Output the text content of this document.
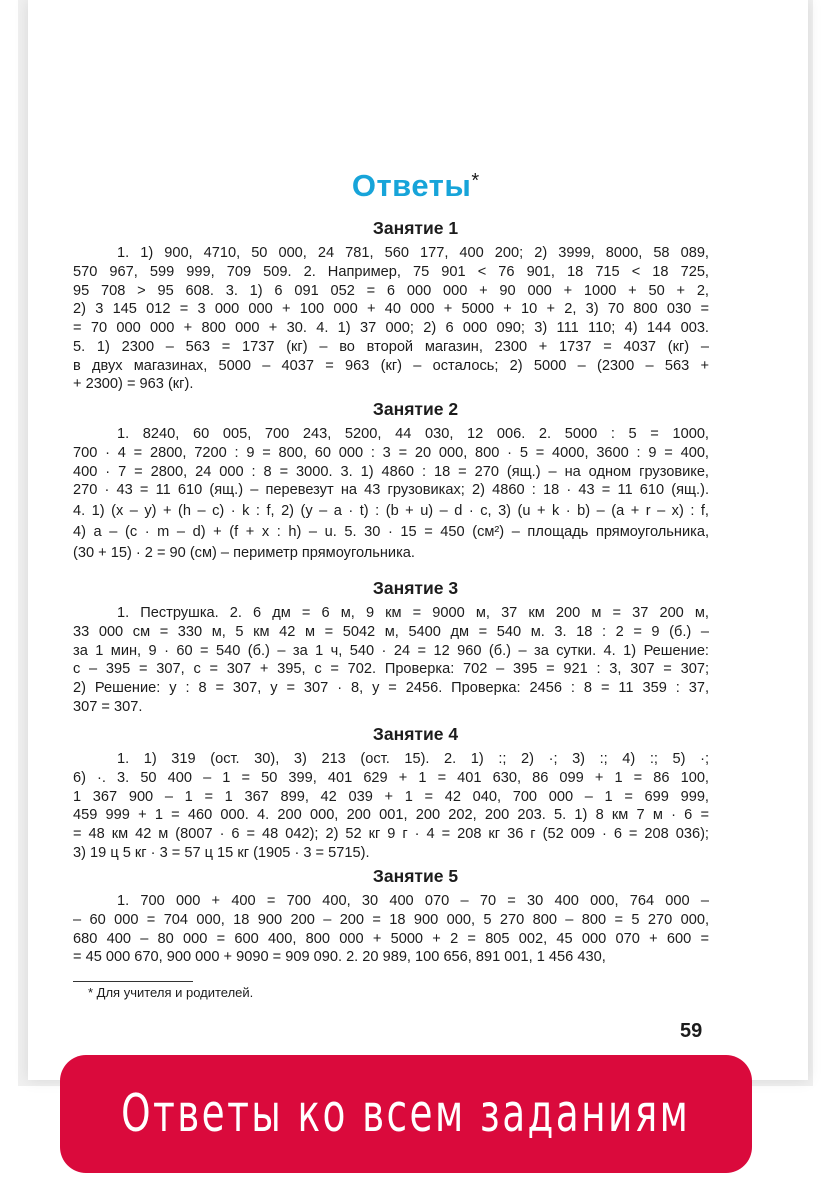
Ответы*
Занятие 1
1. 1) 900, 4710, 50 000, 24 781, 560 177, 400 200; 2) 3999, 8000, 58 089,
570 967, 599 999, 709 509. 2. Например, 75 901 < 76 901, 18 715 < 18 725,
95 708 > 95 608. 3. 1) 6 091 052 = 6 000 000 + 90 000 + 1000 + 50 + 2,
2) 3 145 012 = 3 000 000 + 100 000 + 40 000 + 5000 + 10 + 2, 3) 70 800 030 =
= 70 000 000 + 800 000 + 30. 4. 1) 37 000; 2) 6 000 090; 3) 111 110; 4) 144 003.
5. 1) 2300 – 563 = 1737 (кг) – во второй магазин, 2300 + 1737 = 4037 (кг) –
в двух магазинах, 5000 – 4037 = 963 (кг) – осталось; 2) 5000 – (2300 – 563 +
+ 2300) = 963 (кг).
Занятие 2
1. 8240, 60 005, 700 243, 5200, 44 030, 12 006. 2. 5000 : 5 = 1000,
700 · 4 = 2800, 7200 : 9 = 800, 60 000 : 3 = 20 000, 800 · 5 = 4000, 3600 : 9 = 400,
400 · 7 = 2800, 24 000 : 8 = 3000. 3. 1) 4860 : 18 = 270 (ящ.) – на одном грузовике,
270 · 43 = 11 610 (ящ.) – перевезут на 43 грузовиках; 2) 4860 : 18 · 43 = 11 610 (ящ.).
4. 1) (x – y) + (h – c) · k : f, 2) (y – a · t) : (b + u) – d · c, 3) (u + k · b) – (a + r – x) : f,
4) a – (c · m – d) + (f + x : h) – u. 5. 30 · 15 = 450 (см²) – площадь прямоугольника,
(30 + 15) · 2 = 90 (см) – периметр прямоугольника.
Занятие 3
1. Пеструшка. 2. 6 дм = 6 м, 9 км = 9000 м, 37 км 200 м = 37 200 м,
33 000 см = 330 м, 5 км 42 м = 5042 м, 5400 дм = 540 м. 3. 18 : 2 = 9 (б.) –
за 1 мин, 9 · 60 = 540 (б.) – за 1 ч, 540 · 24 = 12 960 (б.) – за сутки. 4. 1) Решение:
с – 395 = 307, с = 307 + 395, с = 702. Проверка: 702 – 395 = 921 : 3, 307 = 307;
2) Решение: у : 8 = 307, у = 307 · 8, у = 2456. Проверка: 2456 : 8 = 11 359 : 37,
307 = 307.
Занятие 4
1. 1) 319 (ост. 30), 3) 213 (ост. 15). 2. 1) :; 2) ·; 3) :; 4) :; 5) ·;
6) ·. 3. 50 400 – 1 = 50 399, 401 629 + 1 = 401 630, 86 099 + 1 = 86 100,
1 367 900 – 1 = 1 367 899, 42 039 + 1 = 42 040, 700 000 – 1 = 699 999,
459 999 + 1 = 460 000. 4. 200 000, 200 001, 200 202, 200 203. 5. 1) 8 км 7 м · 6 =
= 48 км 42 м (8007 · 6 = 48 042); 2) 52 кг 9 г · 4 = 208 кг 36 г (52 009 · 6 = 208 036);
3) 19 ц 5 кг · 3 = 57 ц 15 кг (1905 · 3 = 5715).
Занятие 5
1. 700 000 + 400 = 700 400, 30 400 070 – 70 = 30 400 000, 764 000 –
– 60 000 = 704 000, 18 900 200 – 200 = 18 900 000, 5 270 800 – 800 = 5 270 000,
680 400 – 80 000 = 600 400, 800 000 + 5000 + 2 = 805 002, 45 000 070 + 600 =
= 45 000 670, 900 000 + 9090 = 909 090. 2. 20 989, 100 656, 891 001, 1 456 430,
* Для учителя и родителей.
59
Ответы ко всем заданиям
